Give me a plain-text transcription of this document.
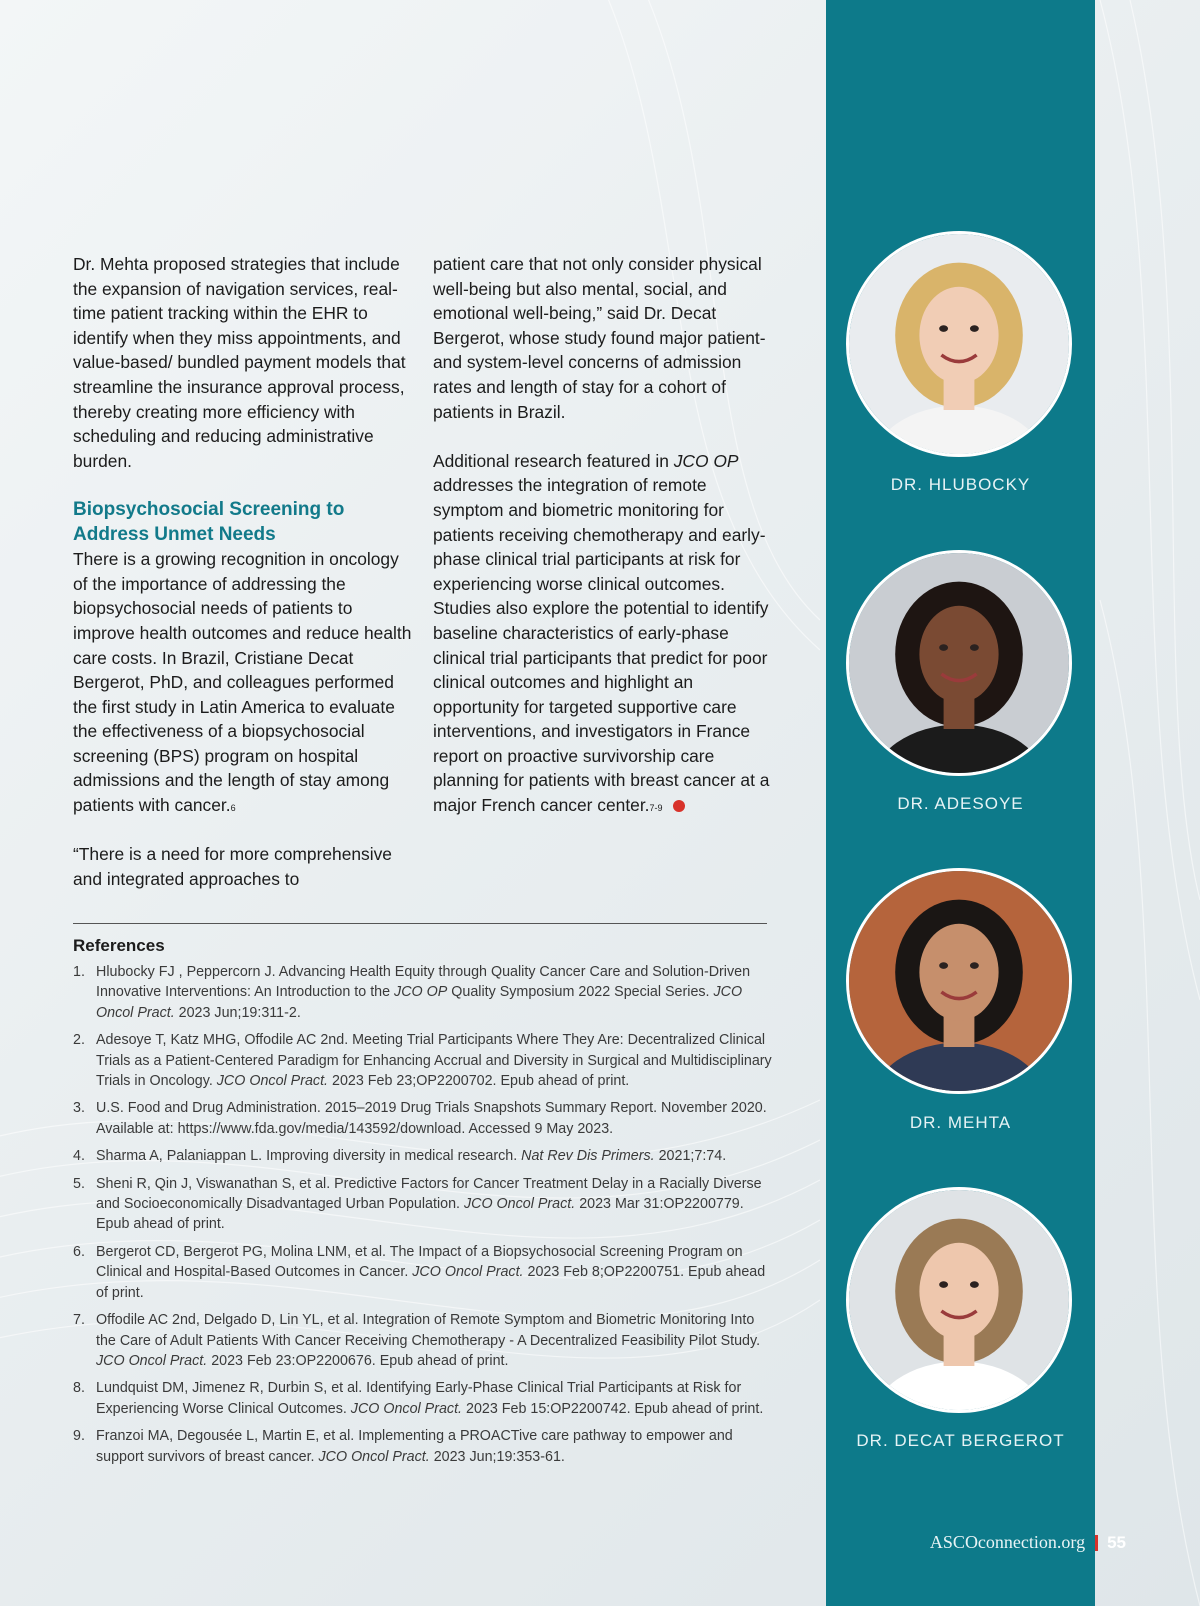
Dr. Mehta proposed strategies that include the expansion of navigation services, real-time patient tracking within the EHR to identify when they miss appointments, and value-based/ bundled payment models that streamline the insurance approval process, thereby creating more efficiency with scheduling and reducing administrative burden.

Biopsychosocial Screening to Address Unmet Needs

There is a growing recognition in oncology of the importance of addressing the biopsychosocial needs of patients to improve health outcomes and reduce health care costs. In Brazil, Cristiane Decat Bergerot, PhD, and colleagues performed the first study in Latin America to evaluate the effectiveness of a biopsychosocial screening (BPS) program on hospital admissions and the length of stay among patients with cancer.$^6$

“There is a need for more comprehensive and integrated approaches to

patient care that not only consider physical well-being but also mental, social, and emotional well-being,” said Dr. Decat Bergerot, whose study found major patient- and system-level concerns of admission rates and length of stay for a cohort of patients in Brazil.

Additional research featured in JCO OP addresses the integration of remote symptom and biometric monitoring for patients receiving chemotherapy and early-phase clinical trial participants at risk for experiencing worse clinical outcomes. Studies also explore the potential to identify baseline characteristics of early-phase clinical trial participants that predict for poor clinical outcomes and highlight an opportunity for targeted supportive care interventions, and investigators in France report on proactive survivorship care planning for patients with breast cancer at a major French cancer center.$^{7-9}$

References
1. Hlubocky FJ , Peppercorn J. Advancing Health Equity through Quality Cancer Care and Solution-Driven Innovative Interventions: An Introduction to the JCO OP Quality Symposium 2022 Special Series. JCO Oncol Pract. 2023 Jun;19:311-2.
2. Adesoye T, Katz MHG, Offodile AC 2nd. Meeting Trial Participants Where They Are: Decentralized Clinical Trials as a Patient-Centered Paradigm for Enhancing Accrual and Diversity in Surgical and Multidisciplinary Trials in Oncology. JCO Oncol Pract. 2023 Feb 23;OP2200702. Epub ahead of print.
3. U.S. Food and Drug Administration. 2015–2019 Drug Trials Snapshots Summary Report. November 2020. Available at: https://www.fda.gov/media/143592/download. Accessed 9 May 2023.
4. Sharma A, Palaniappan L. Improving diversity in medical research. Nat Rev Dis Primers. 2021;7:74.
5. Sheni R, Qin J, Viswanathan S, et al. Predictive Factors for Cancer Treatment Delay in a Racially Diverse and Socioeconomically Disadvantaged Urban Population. JCO Oncol Pract. 2023 Mar 31:OP2200779. Epub ahead of print.
6. Bergerot CD, Bergerot PG, Molina LNM, et al. The Impact of a Biopsychosocial Screening Program on Clinical and Hospital-Based Outcomes in Cancer. JCO Oncol Pract. 2023 Feb 8;OP2200751. Epub ahead of print.
7. Offodile AC 2nd, Delgado D, Lin YL, et al. Integration of Remote Symptom and Biometric Monitoring Into the Care of Adult Patients With Cancer Receiving Chemotherapy - A Decentralized Feasibility Pilot Study. JCO Oncol Pract. 2023 Feb 23:OP2200676. Epub ahead of print.
8. Lundquist DM, Jimenez R, Durbin S, et al. Identifying Early-Phase Clinical Trial Participants at Risk for Experiencing Worse Clinical Outcomes. JCO Oncol Pract. 2023 Feb 15:OP2200742. Epub ahead of print.
9. Franzoi MA, Degousée L, Martin E, et al. Implementing a PROACTive care pathway to empower and support survivors of breast cancer. JCO Oncol Pract. 2023 Jun;19:353-61.
DR. HLUBOCKY
DR. ADESOYE
DR. MEHTA
DR. DECAT BERGEROT
ASCOconnection.org 55
